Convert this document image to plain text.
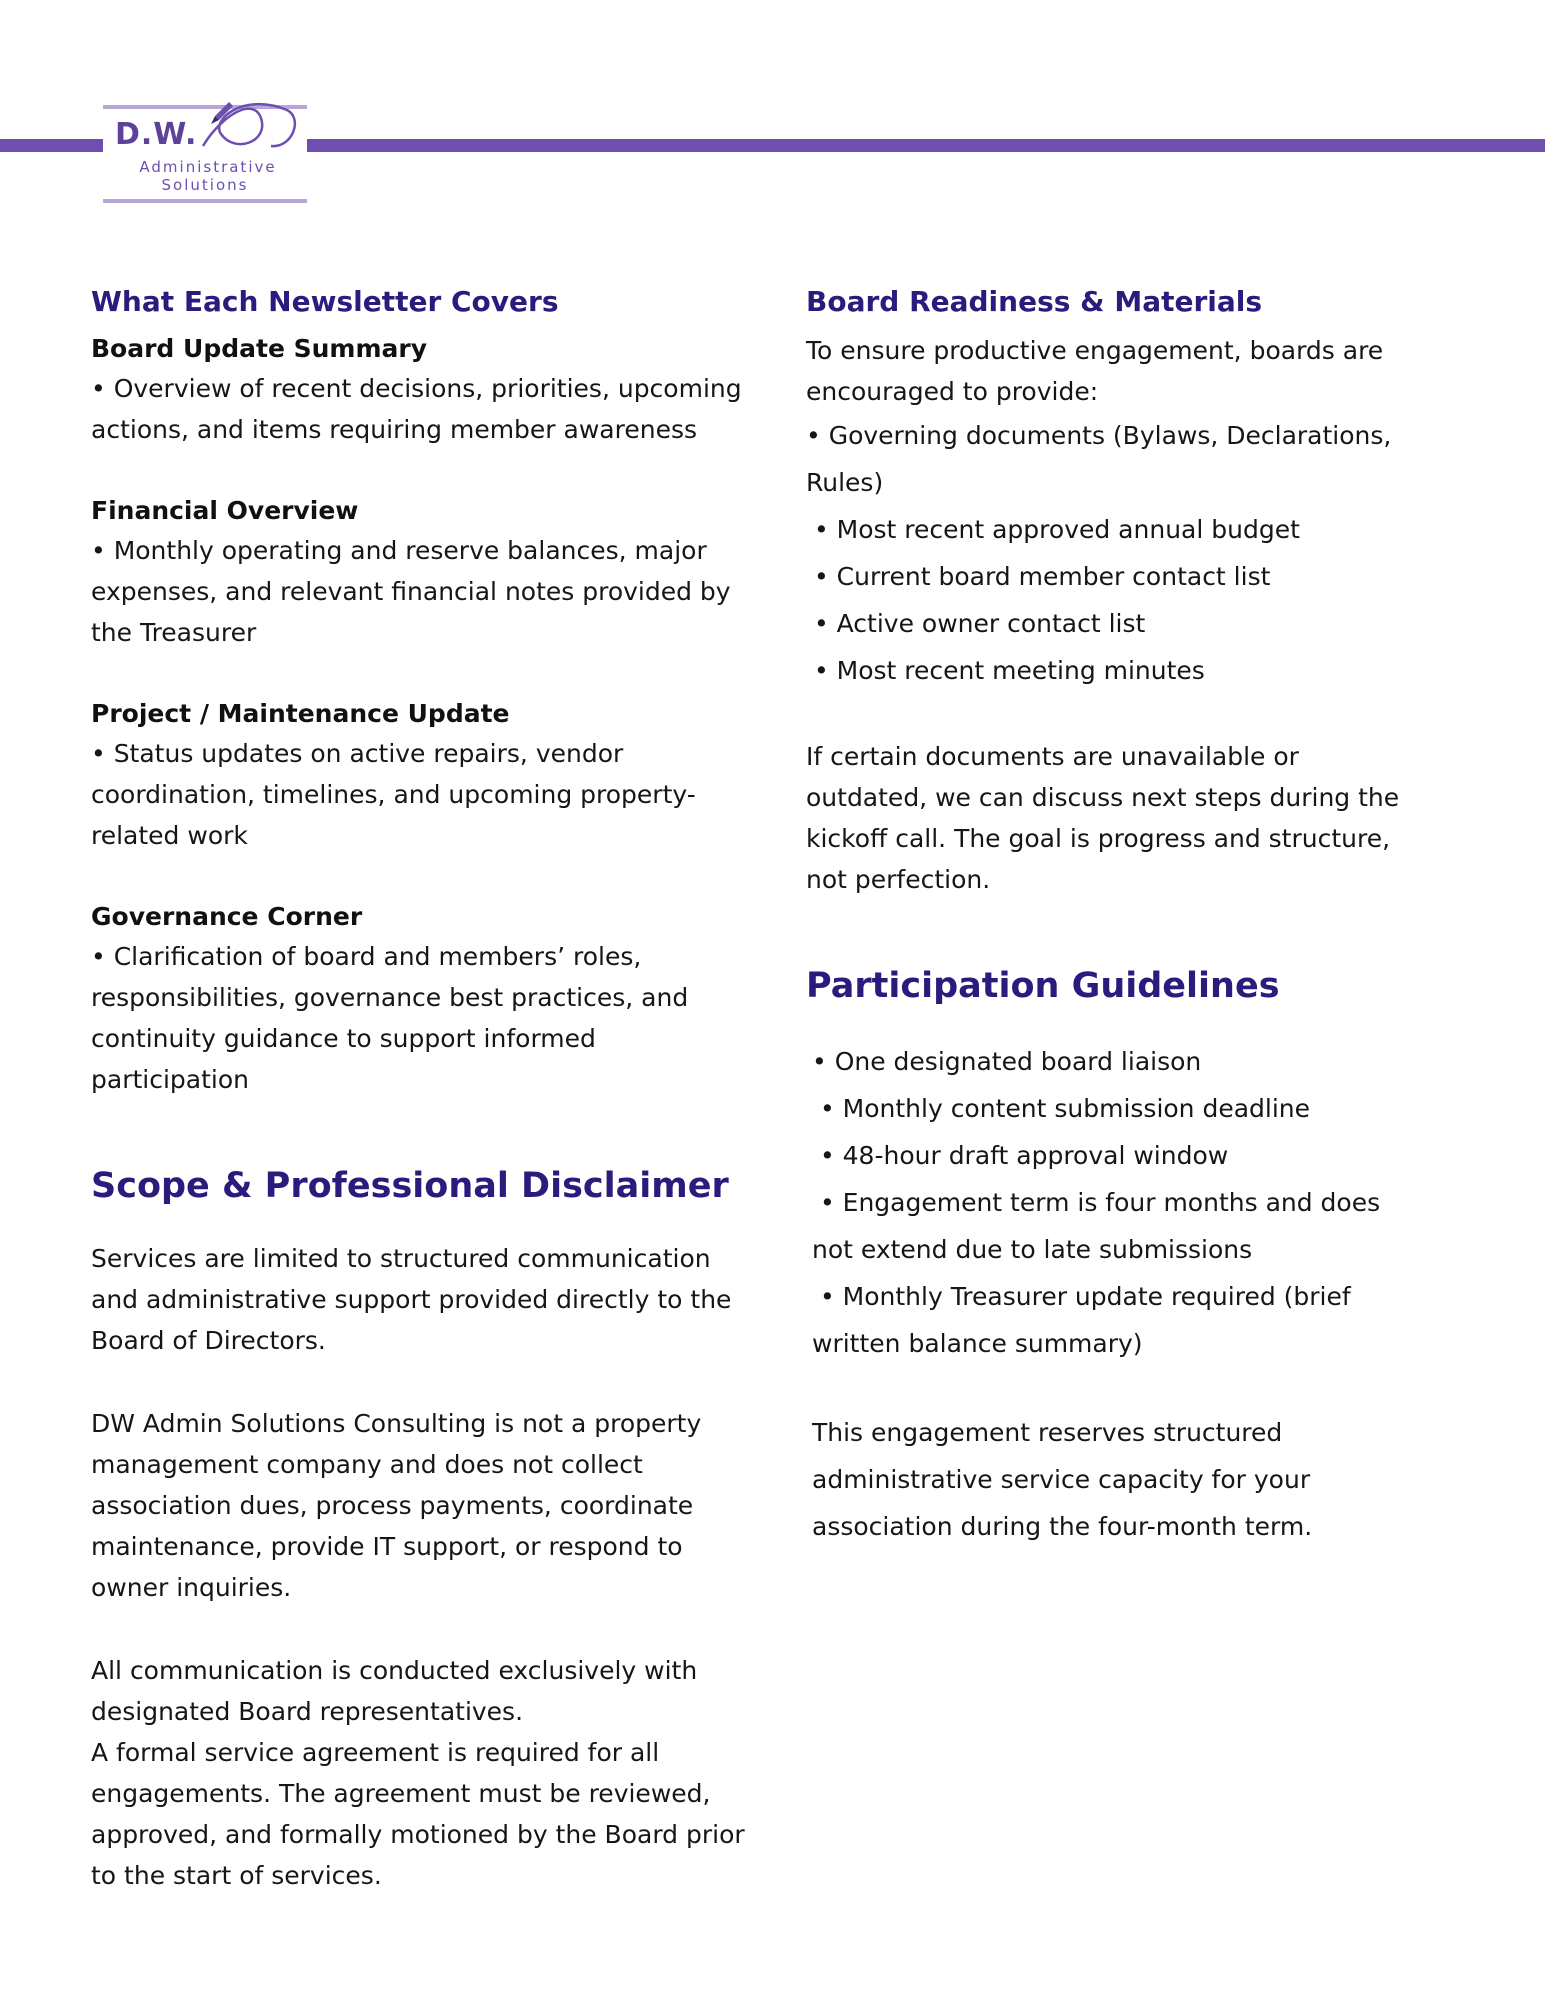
D.W.
Administrative
Solutions
What Each Newsletter Covers
Board Update Summary

• Overview of recent decisions, priorities, upcoming actions, and items requiring member awareness

Financial Overview

• Monthly operating and reserve balances, major expenses, and relevant financial notes provided by the Treasurer

Project / Maintenance Update

• Status updates on active repairs, vendor coordination, timelines, and upcoming property-related work

Governance Corner

• Clarification of board and members’ roles, responsibilities, governance best practices, and continuity guidance to support informed participation

Scope & Professional Disclaimer

Services are limited to structured communication and administrative support provided directly to the Board of Directors.

DW Admin Solutions Consulting is not a property management company and does not collect association dues, process payments, coordinate maintenance, provide IT support, or respond to owner inquiries.

All communication is conducted exclusively with designated Board representatives.

A formal service agreement is required for all engagements. The agreement must be reviewed, approved, and formally motioned by the Board prior to the start of services.

Board Readiness & Materials

To ensure productive engagement, boards are encouraged to provide:

• Governing documents (Bylaws, Declarations, Rules)

• Most recent approved annual budget

• Current board member contact list

• Active owner contact list

• Most recent meeting minutes

If certain documents are unavailable or outdated, we can discuss next steps during the kickoff call. The goal is progress and structure, not perfection.

Participation Guidelines

• One designated board liaison

• Monthly content submission deadline

• 48-hour draft approval window

• Engagement term is four months and does not extend due to late submissions

• Monthly Treasurer update required (brief written balance summary)

This engagement reserves structured administrative service capacity for your association during the four-month term.
